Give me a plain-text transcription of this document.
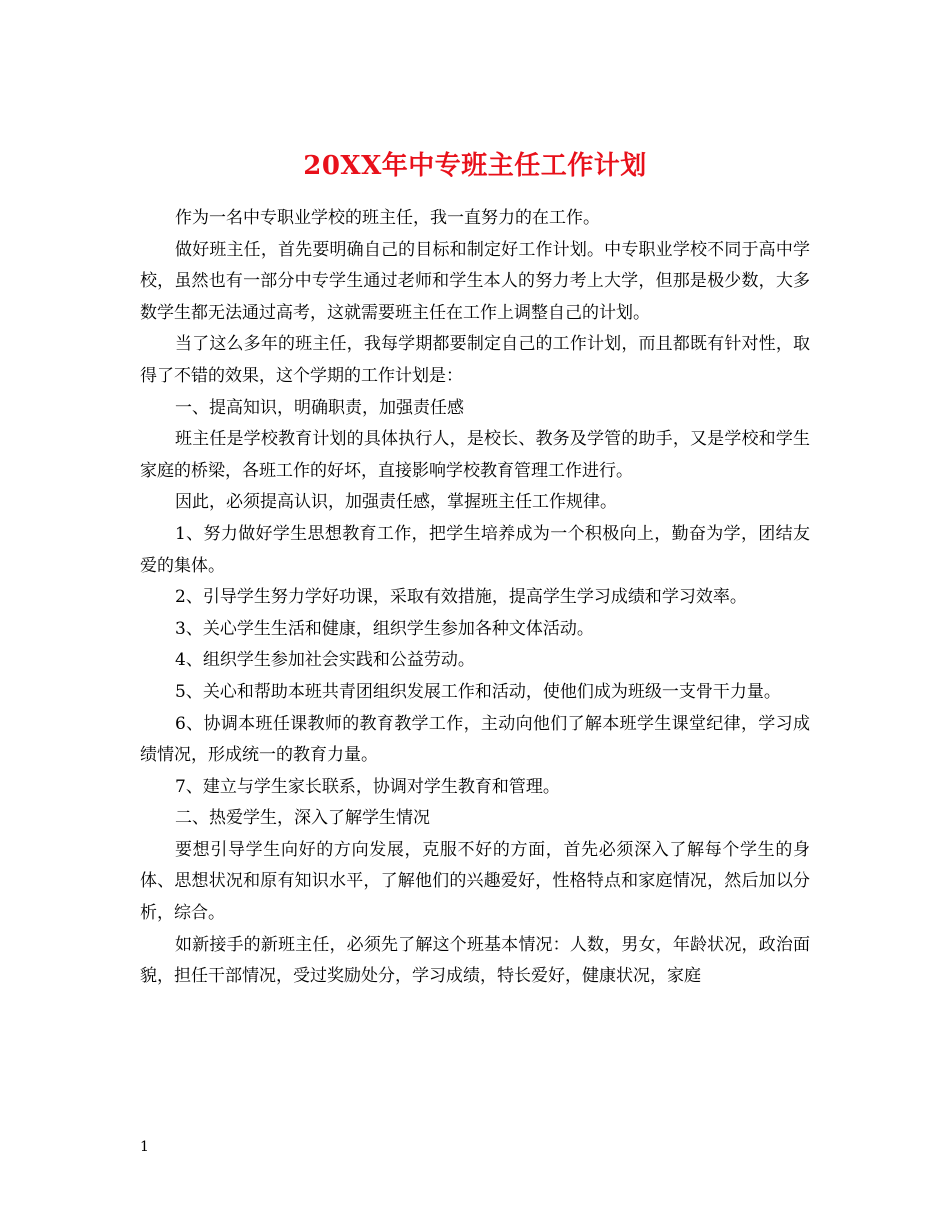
20XX年中专班主任工作计划

作为一名中专职业学校的班主任，我一直努力的在工作。

做好班主任，首先要明确自己的目标和制定好工作计划。中专职业学校不同于高中学校，虽然也有一部分中专学生通过老师和学生本人的努力考上大学，但那是极少数，大多数学生都无法通过高考，这就需要班主任在工作上调整自己的计划。

当了这么多年的班主任，我每学期都要制定自己的工作计划，而且都既有针对性，取得了不错的效果，这个学期的工作计划是：

一、提高知识，明确职责，加强责任感

班主任是学校教育计划的具体执行人，是校长、教务及学管的助手，又是学校和学生家庭的桥梁，各班工作的好坏，直接影响学校教育管理工作进行。

因此，必须提高认识，加强责任感，掌握班主任工作规律。

1、努力做好学生思想教育工作，把学生培养成为一个积极向上，勤奋为学，团结友爱的集体。

2、引导学生努力学好功课，采取有效措施，提高学生学习成绩和学习效率。

3、关心学生生活和健康，组织学生参加各种文体活动。

4、组织学生参加社会实践和公益劳动。

5、关心和帮助本班共青团组织发展工作和活动，使他们成为班级一支骨干力量。

6、协调本班任课教师的教育教学工作，主动向他们了解本班学生课堂纪律，学习成绩情况，形成统一的教育力量。

7、建立与学生家长联系，协调对学生教育和管理。

二、热爱学生，深入了解学生情况

要想引导学生向好的方向发展，克服不好的方面，首先必须深入了解每个学生的身体、思想状况和原有知识水平，了解他们的兴趣爱好，性格特点和家庭情况，然后加以分析，综合。

如新接手的新班主任，必须先了解这个班基本情况：人数，男女，年龄状况，政治面貌，担任干部情况，受过奖励处分，学习成绩，特长爱好，健康状况，家庭

1
